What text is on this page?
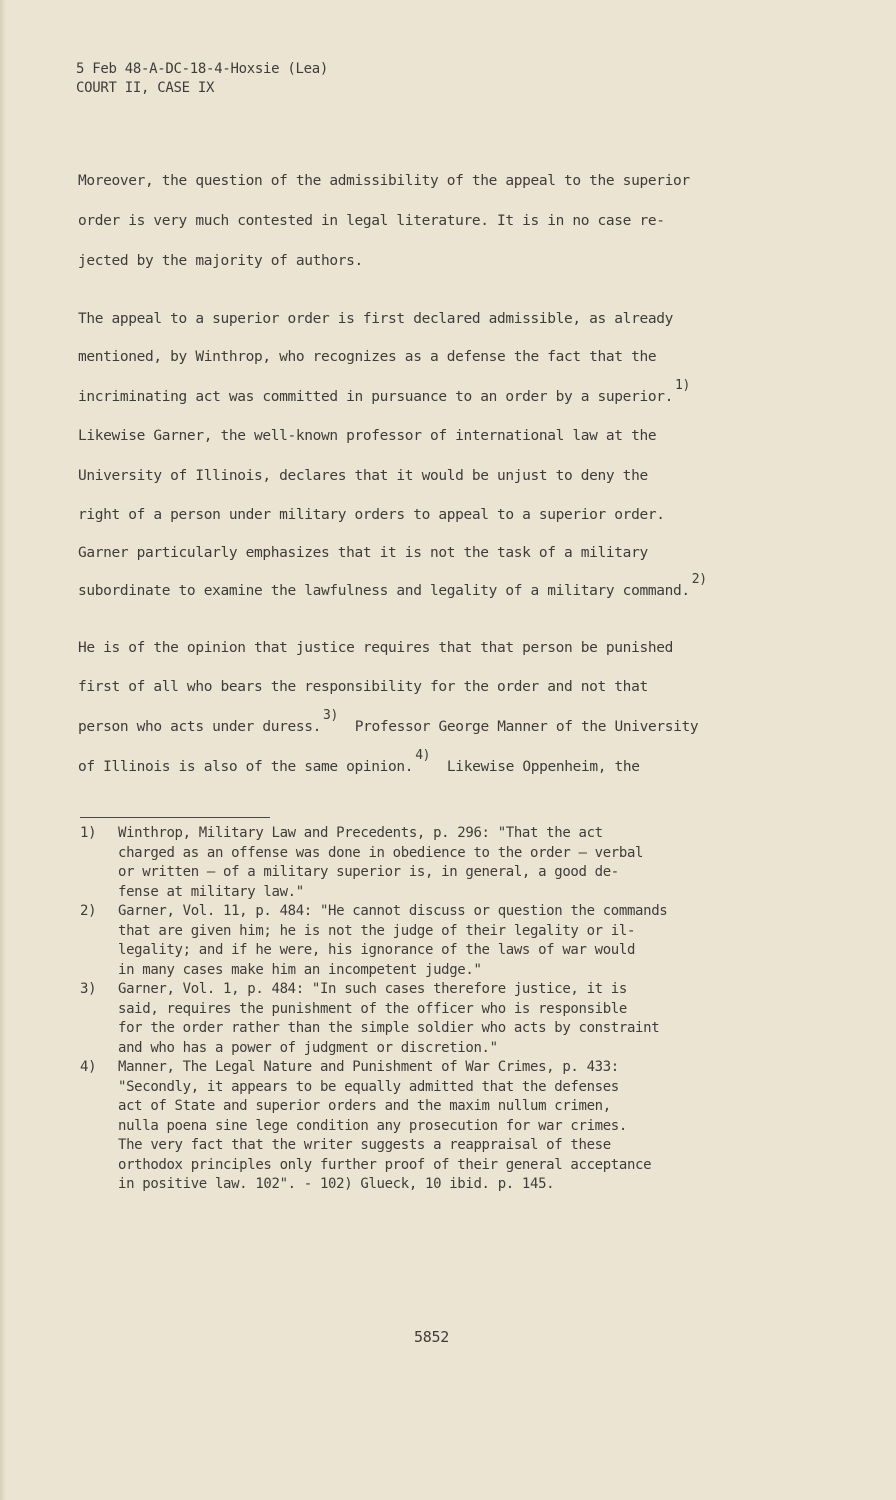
5 Feb 48-A-DC-18-4-Hoxsie (Lea)
COURT II, CASE IX
Moreover, the question of the admissibility of the appeal to the superior
order is very much contested in legal literature. It is in no case re-
jected by the majority of authors.
The appeal to a superior order is first declared admissible, as already
mentioned, by Winthrop, who recognizes as a defense the fact that the
incriminating act was committed in pursuance to an order by a superior.1)
Likewise Garner, the well-known professor of international law at the
University of Illinois, declares that it would be unjust to deny the
right of a person under military orders to appeal to a superior order.
Garner particularly emphasizes that it is not the task of a military
subordinate to examine the lawfulness and legality of a military command.2)
He is of the opinion that justice requires that that person be punished
first of all who bears the responsibility for the order and not that
person who acts under duress.3)  Professor George Manner of the University
of Illinois is also of the same opinion.4)  Likewise Oppenheim, the
1)	Winthrop, Military Law and Precedents, p. 296: "That the act
charged as an offense was done in obedience to the order — verbal
or written — of a military superior is, in general, a good de-
fense at military law."
2)	Garner, Vol. 11, p. 484: "He cannot discuss or question the commands
that are given him; he is not the judge of their legality or il-
legality; and if he were, his ignorance of the laws of war would
in many cases make him an incompetent judge."
3)	Garner, Vol. 1, p. 484: "In such cases therefore justice, it is
said, requires the punishment of the officer who is responsible
for the order rather than the simple soldier who acts by constraint
and who has a power of judgment or discretion."
4)	Manner, The Legal Nature and Punishment of War Crimes, p. 433:
"Secondly, it appears to be equally admitted that the defenses
act of State and superior orders and the maxim nullum crimen,
nulla poena sine lege condition any prosecution for war crimes.
The very fact that the writer suggests a reappraisal of these
orthodox principles only further proof of their general acceptance
in positive law. 102". - 102) Glueck, 10 ibid. p. 145.
5852
